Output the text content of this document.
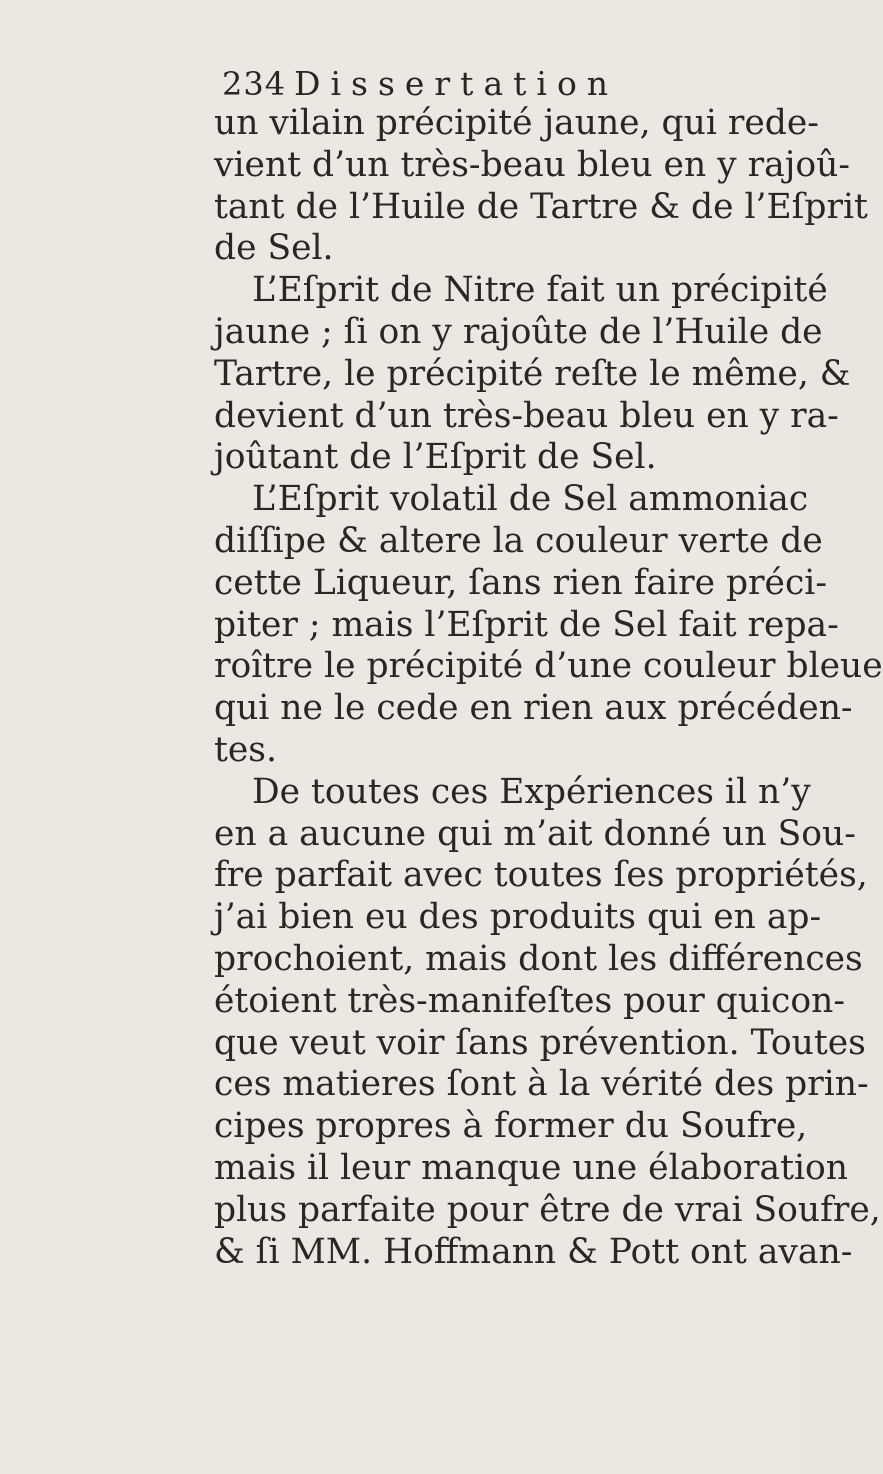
234 Dissertation
un vilain précipité jaune, qui rede-
vient d’un très-beau bleu en y rajoû-
tant de l’Huile de Tartre & de l’Eſprit
de Sel.
L’Eſprit de Nitre fait un précipité
jaune ; ſi on y rajoûte de l’Huile de
Tartre, le précipité reſte le même, &
devient d’un très-beau bleu en y ra-
joûtant de l’Eſprit de Sel.
L’Eſprit volatil de Sel ammoniac
diſſipe & altere la couleur verte de
cette Liqueur, ſans rien faire préci-
piter ; mais l’Eſprit de Sel fait repa-
roître le précipité d’une couleur bleue
qui ne le cede en rien aux précéden-
tes.
De toutes ces Expériences il n’y
en a aucune qui m’ait donné un Sou-
fre parfait avec toutes ſes propriétés,
j’ai bien eu des produits qui en ap-
prochoient, mais dont les différences
étoient très-manifeſtes pour quicon-
que veut voir ſans prévention. Toutes
ces matieres ſont à la vérité des prin-
cipes propres à former du Soufre,
mais il leur manque une élaboration
plus parfaite pour être de vrai Soufre,
& ſi MM. Hoffmann & Pott ont avan-
